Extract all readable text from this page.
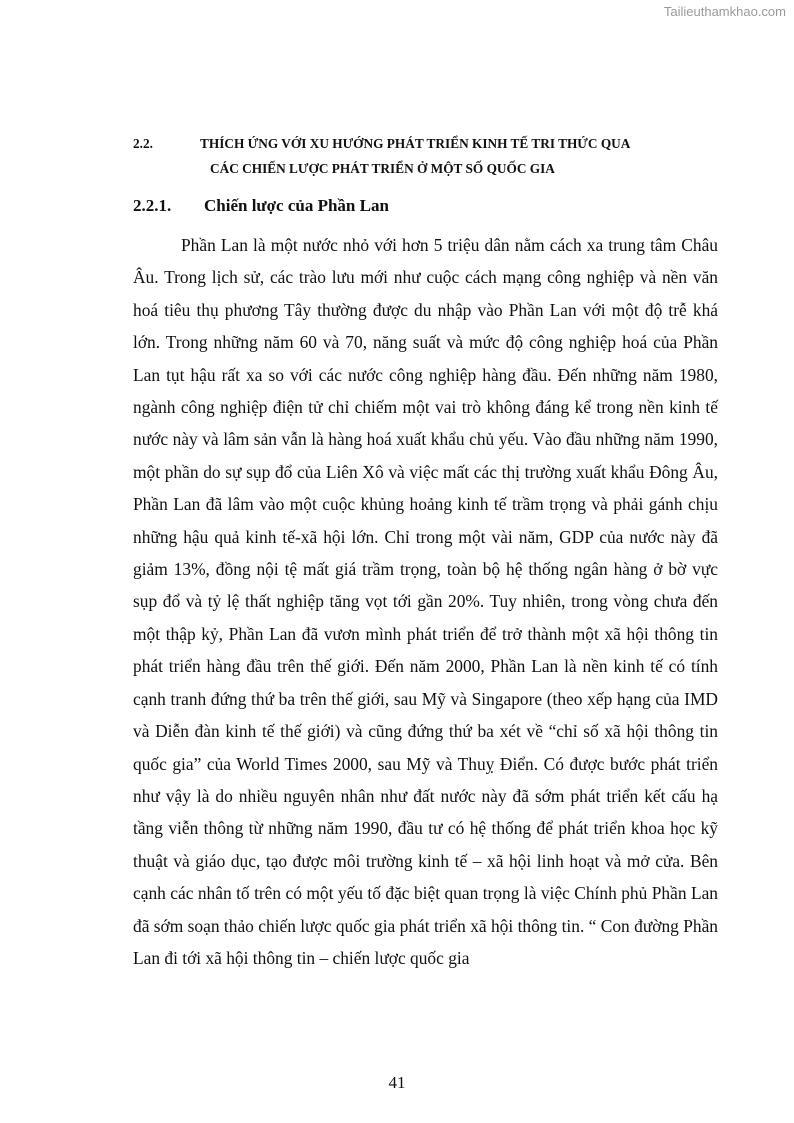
Tailieuthamkhao.com
2.2.	THÍCH ỨNG VỚI XU HƯỚNG PHÁT TRIỂN KINH TẾ TRI THỨC QUA
CÁC CHIẾN LƯỢC PHÁT TRIỂN Ở MỘT SỐ QUỐC GIA
2.2.1. Chiến lược của Phần Lan

Phần Lan là một nước nhỏ với hơn 5 triệu dân nằm cách xa trung tâm Châu Âu. Trong lịch sử, các trào lưu mới như cuộc cách mạng công nghiệp và nền văn hoá tiêu thụ phương Tây thường được du nhập vào Phần Lan với một độ trễ khá lớn. Trong những năm 60 và 70, năng suất và mức độ công nghiệp hoá của Phần Lan tụt hậu rất xa so với các nước công nghiệp hàng đầu. Đến những năm 1980, ngành công nghiệp điện tử chỉ chiếm một vai trò không đáng kể trong nền kinh tế nước này và lâm sản vẫn là hàng hoá xuất khẩu chủ yếu. Vào đầu những năm 1990, một phần do sự sụp đổ của Liên Xô và việc mất các thị trường xuất khẩu Đông Âu, Phần Lan đã lâm vào một cuộc khủng hoảng kinh tế trầm trọng và phải gánh chịu những hậu quả kinh tế-xã hội lớn. Chỉ trong một vài năm, GDP của nước này đã giảm 13%, đồng nội tệ mất giá trầm trọng, toàn bộ hệ thống ngân hàng ở bờ vực sụp đổ và tỷ lệ thất nghiệp tăng vọt tới gần 20%. Tuy nhiên, trong vòng chưa đến một thập kỷ, Phần Lan đã vươn mình phát triển để trở thành một xã hội thông tin phát triển hàng đầu trên thế giới. Đến năm 2000, Phần Lan là nền kinh tế có tính cạnh tranh đứng thứ ba trên thế giới, sau Mỹ và Singapore (theo xếp hạng của IMD và Diễn đàn kinh tế thế giới) và cũng đứng thứ ba xét về “chỉ số xã hội thông tin quốc gia” của World Times 2000, sau Mỹ và Thuỵ Điển. Có được bước phát triển như vậy là do nhiều nguyên nhân như đất nước này đã sớm phát triển kết cấu hạ tầng viễn thông từ những năm 1990, đầu tư có hệ thống để phát triển khoa học kỹ thuật và giáo dục, tạo được môi trường kinh tế – xã hội linh hoạt và mở cửa. Bên cạnh các nhân tố trên có một yếu tố đặc biệt quan trọng là việc Chính phủ Phần Lan đã sớm soạn thảo chiến lược quốc gia phát triển xã hội thông tin. “ Con đường Phần Lan đi tới xã hội thông tin – chiến lược quốc gia

41
